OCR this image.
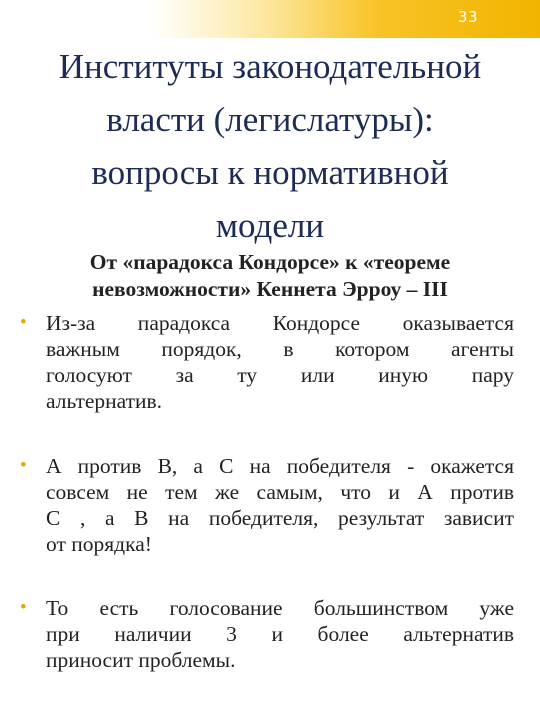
33
Институты законодательной
власти (легислатуры):
вопросы к нормативной
модели
От «парадокса Кондорсе» к «теореме
невозможности» Кеннета Эрроу – III
• Из-за парадокса Кондорсе оказывается
важным порядок, в котором агенты
голосуют за ту или иную пару
альтернатив.
• А против В, а С на победителя - окажется
совсем не тем же самым, что и А против
С , а В на победителя, результат зависит
от порядка!
• То есть голосование большинством уже
при наличии 3 и более альтернатив
приносит проблемы.
